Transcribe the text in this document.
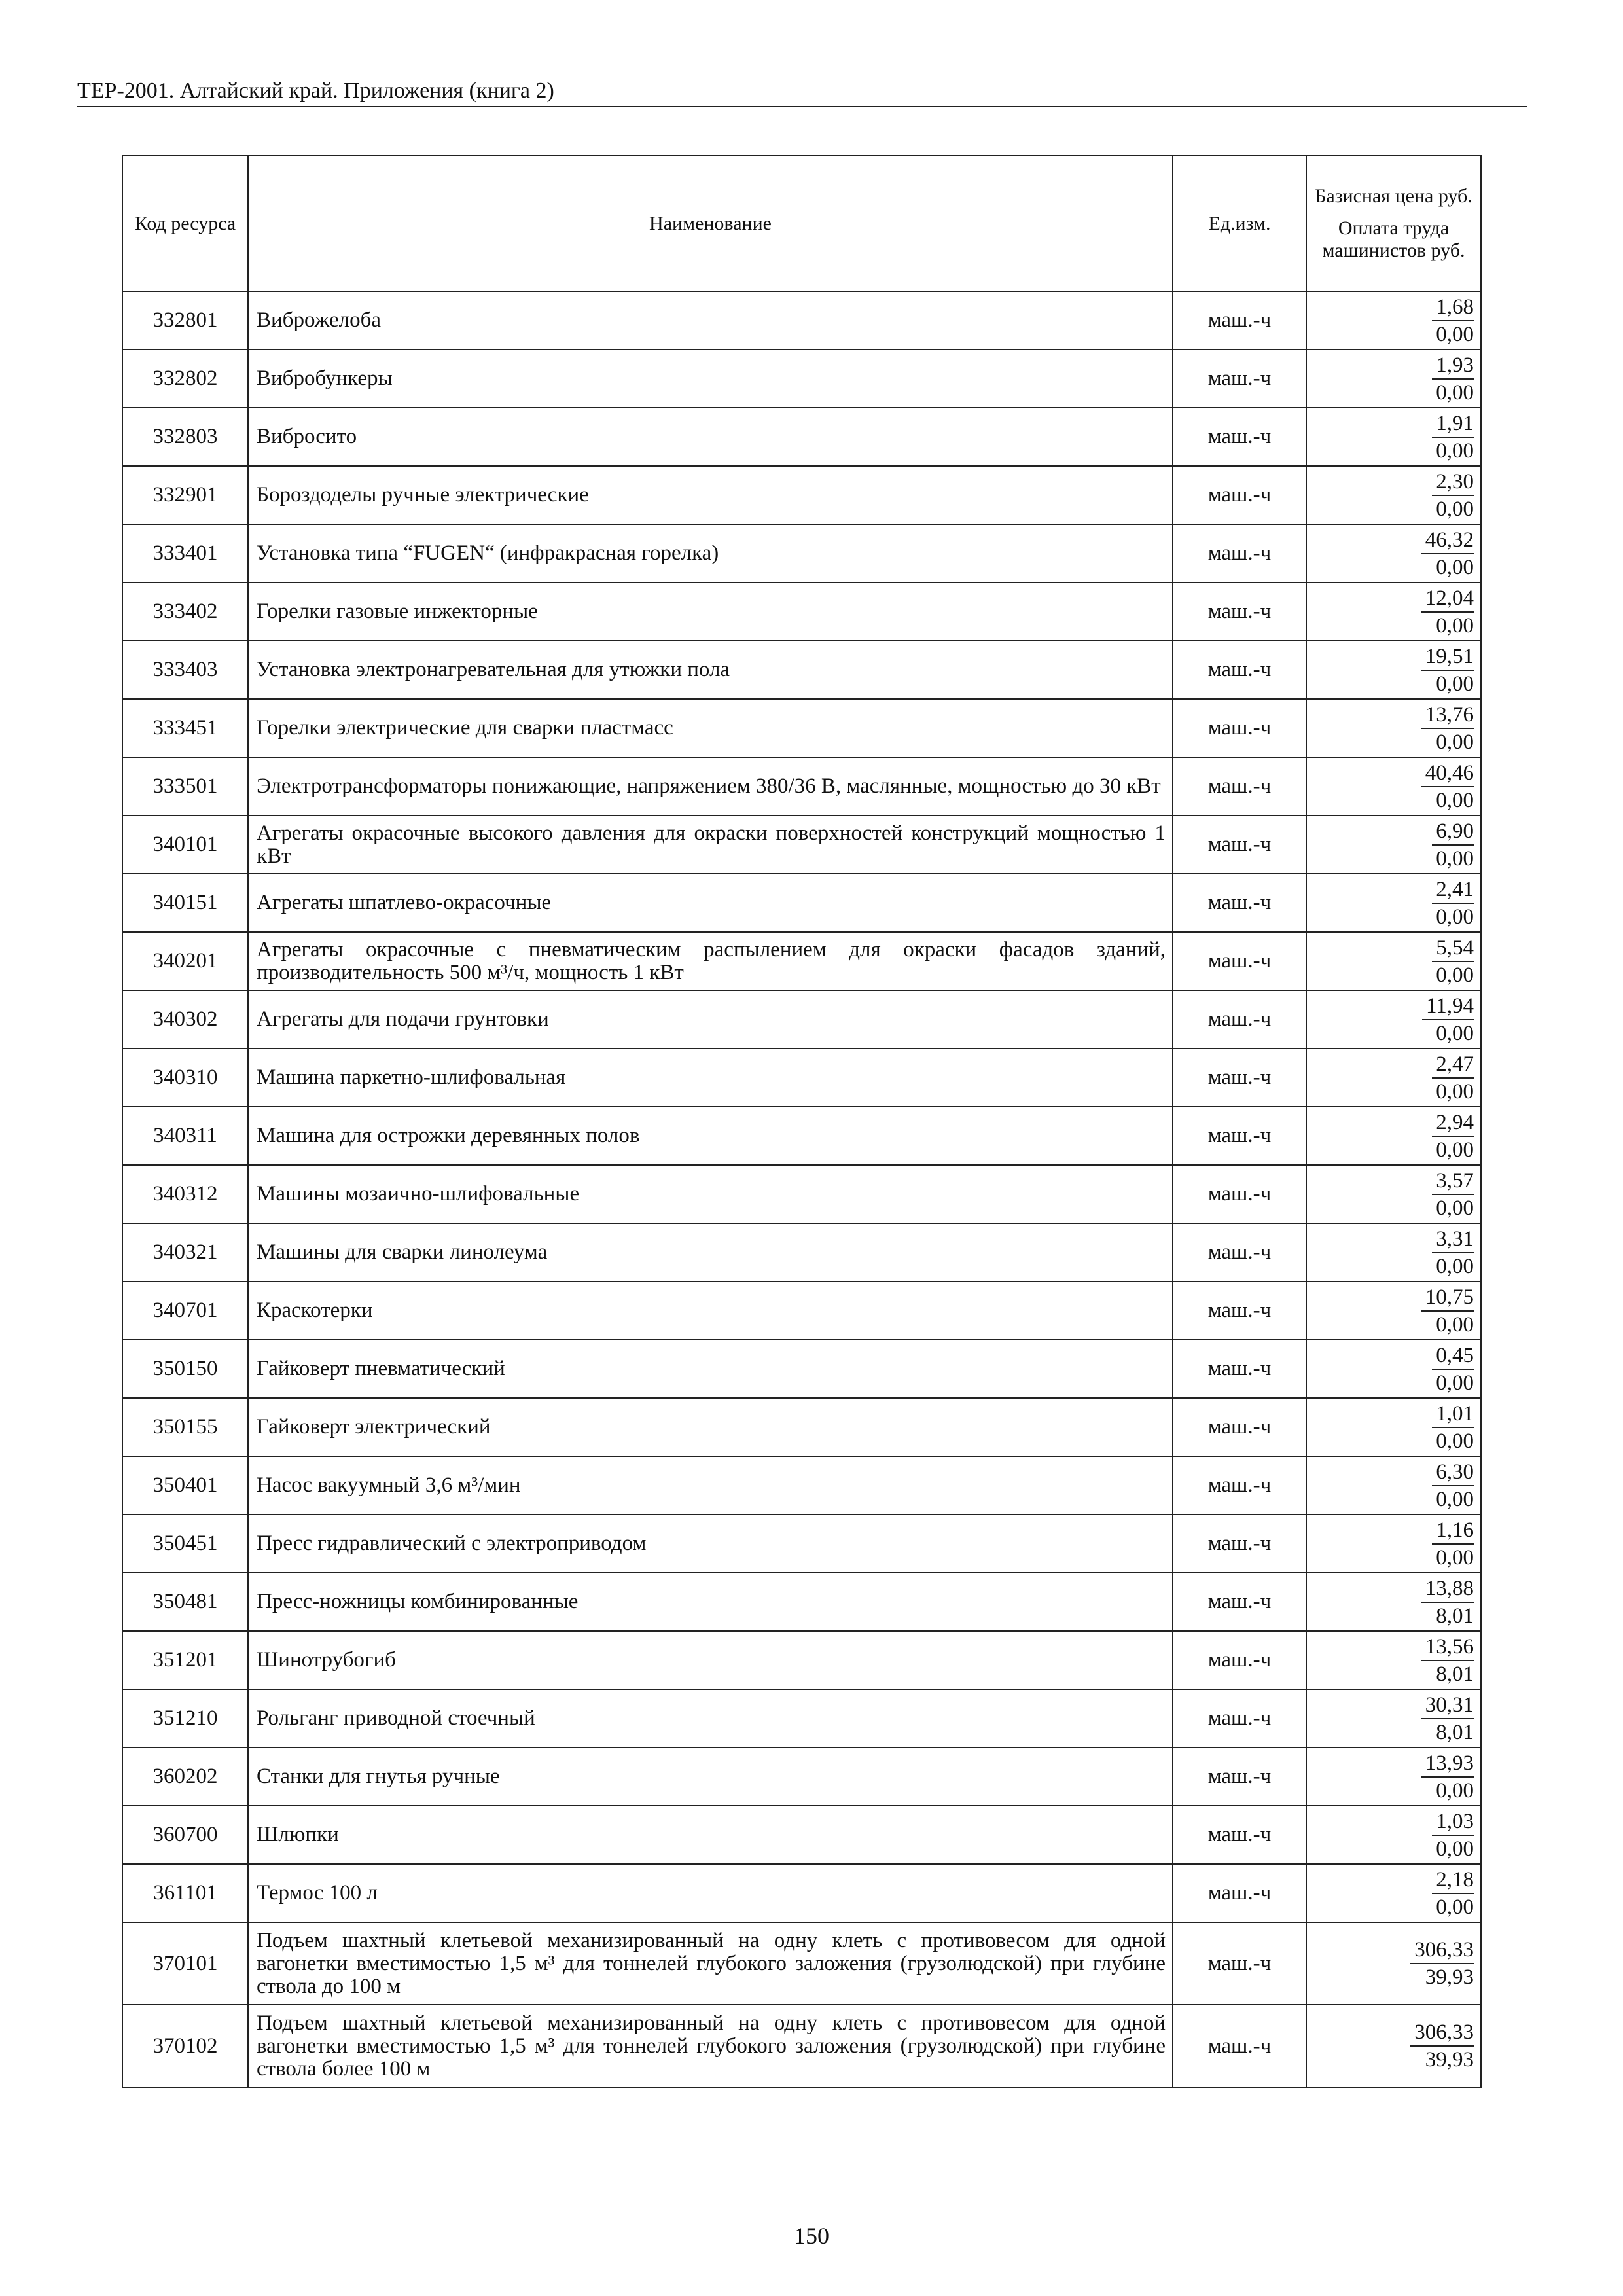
ТЕР-2001. Алтайский край. Приложения (книга 2)
Код ресурса	Наименование	Ед.изм.	Базисная цена руб.
Оплата труда машинистов руб.

332801	Виброжелоба	маш.-ч	$\frac{1,68}{0,00}$

332802	Вибробункеры	маш.-ч	$\frac{1,93}{0,00}$

332803	Вибросито	маш.-ч	$\frac{1,91}{0,00}$

332901	Бороздоделы ручные электрические	маш.-ч	$\frac{2,30}{0,00}$

333401	Установка типа “FUGEN“ (инфракрасная горелка)	маш.-ч	$\frac{46,32}{0,00}$

333402	Горелки газовые инжекторные	маш.-ч	$\frac{12,04}{0,00}$

333403	Установка электронагревательная для утюжки пола	маш.-ч	$\frac{19,51}{0,00}$

333451	Горелки электрические для сварки пластмасс	маш.-ч	$\frac{13,76}{0,00}$

333501	Электротрансформаторы понижающие, напряжением 380/36 В, маслянные, мощностью до 30 кВт	маш.-ч	$\frac{40,46}{0,00}$

340101	Агрегаты окрасочные высокого давления для окраски поверхностей конструкций мощностью 1 кВт	маш.-ч	$\frac{6,90}{0,00}$

340151	Агрегаты шпатлево-окрасочные	маш.-ч	$\frac{2,41}{0,00}$

340201	Агрегаты окрасочные с пневматическим распылением для окраски фасадов зданий, производительность 500 м³/ч, мощность 1 кВт	маш.-ч	$\frac{5,54}{0,00}$

340302	Агрегаты для подачи грунтовки	маш.-ч	$\frac{11,94}{0,00}$

340310	Машина паркетно-шлифовальная	маш.-ч	$\frac{2,47}{0,00}$

340311	Машина для острожки деревянных полов	маш.-ч	$\frac{2,94}{0,00}$

340312	Машины мозаично-шлифовальные	маш.-ч	$\frac{3,57}{0,00}$

340321	Машины для сварки линолеума	маш.-ч	$\frac{3,31}{0,00}$

340701	Краскотерки	маш.-ч	$\frac{10,75}{0,00}$

350150	Гайковерт пневматический	маш.-ч	$\frac{0,45}{0,00}$

350155	Гайковерт электрический	маш.-ч	$\frac{1,01}{0,00}$

350401	Насос вакуумный 3,6 м³/мин	маш.-ч	$\frac{6,30}{0,00}$

350451	Пресс гидравлический с электроприводом	маш.-ч	$\frac{1,16}{0,00}$

350481	Пресс-ножницы комбинированные	маш.-ч	$\frac{13,88}{8,01}$

351201	Шинотрубогиб	маш.-ч	$\frac{13,56}{8,01}$

351210	Рольганг приводной стоечный	маш.-ч	$\frac{30,31}{8,01}$

360202	Станки для гнутья ручные	маш.-ч	$\frac{13,93}{0,00}$

360700	Шлюпки	маш.-ч	$\frac{1,03}{0,00}$

361101	Термос 100 л	маш.-ч	$\frac{2,18}{0,00}$

370101	Подъем шахтный клетьевой механизированный на одну клеть с противовесом для одной вагонетки вместимостью 1,5 м³ для тоннелей глубокого заложения (грузолюдской) при глубине ствола до 100 м	маш.-ч	$\frac{306,33}{39,93}$

370102	Подъем шахтный клетьевой механизированный на одну клеть с противовесом для одной вагонетки вместимостью 1,5 м³ для тоннелей глубокого заложения (грузолюдской) при глубине ствола более 100 м	маш.-ч	$\frac{306,33}{39,93}$
150
